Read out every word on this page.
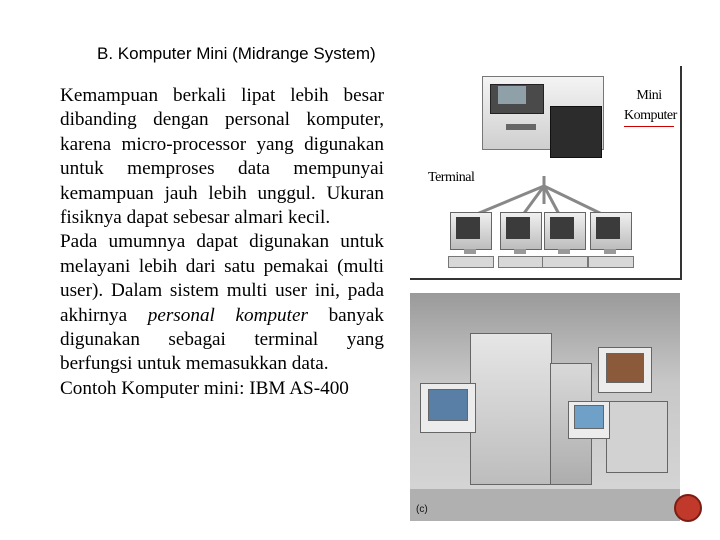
B. Komputer Mini (Midrange System)

Kemampuan berkali lipat lebih besar dibanding dengan personal komputer, karena micro-processor yang digunakan untuk memproses data mempunyai kemampuan jauh lebih unggul. Ukuran fisiknya dapat sebesar almari kecil.

Pada umumnya dapat digunakan untuk melayani lebih dari satu pemakai (multi user). Dalam sistem multi user ini, pada akhirnya personal komputer banyak digunakan sebagai terminal yang berfungsi untuk memasukkan data.

Contoh Komputer mini: IBM AS-400

Mini
Komputer
Terminal
(c)
